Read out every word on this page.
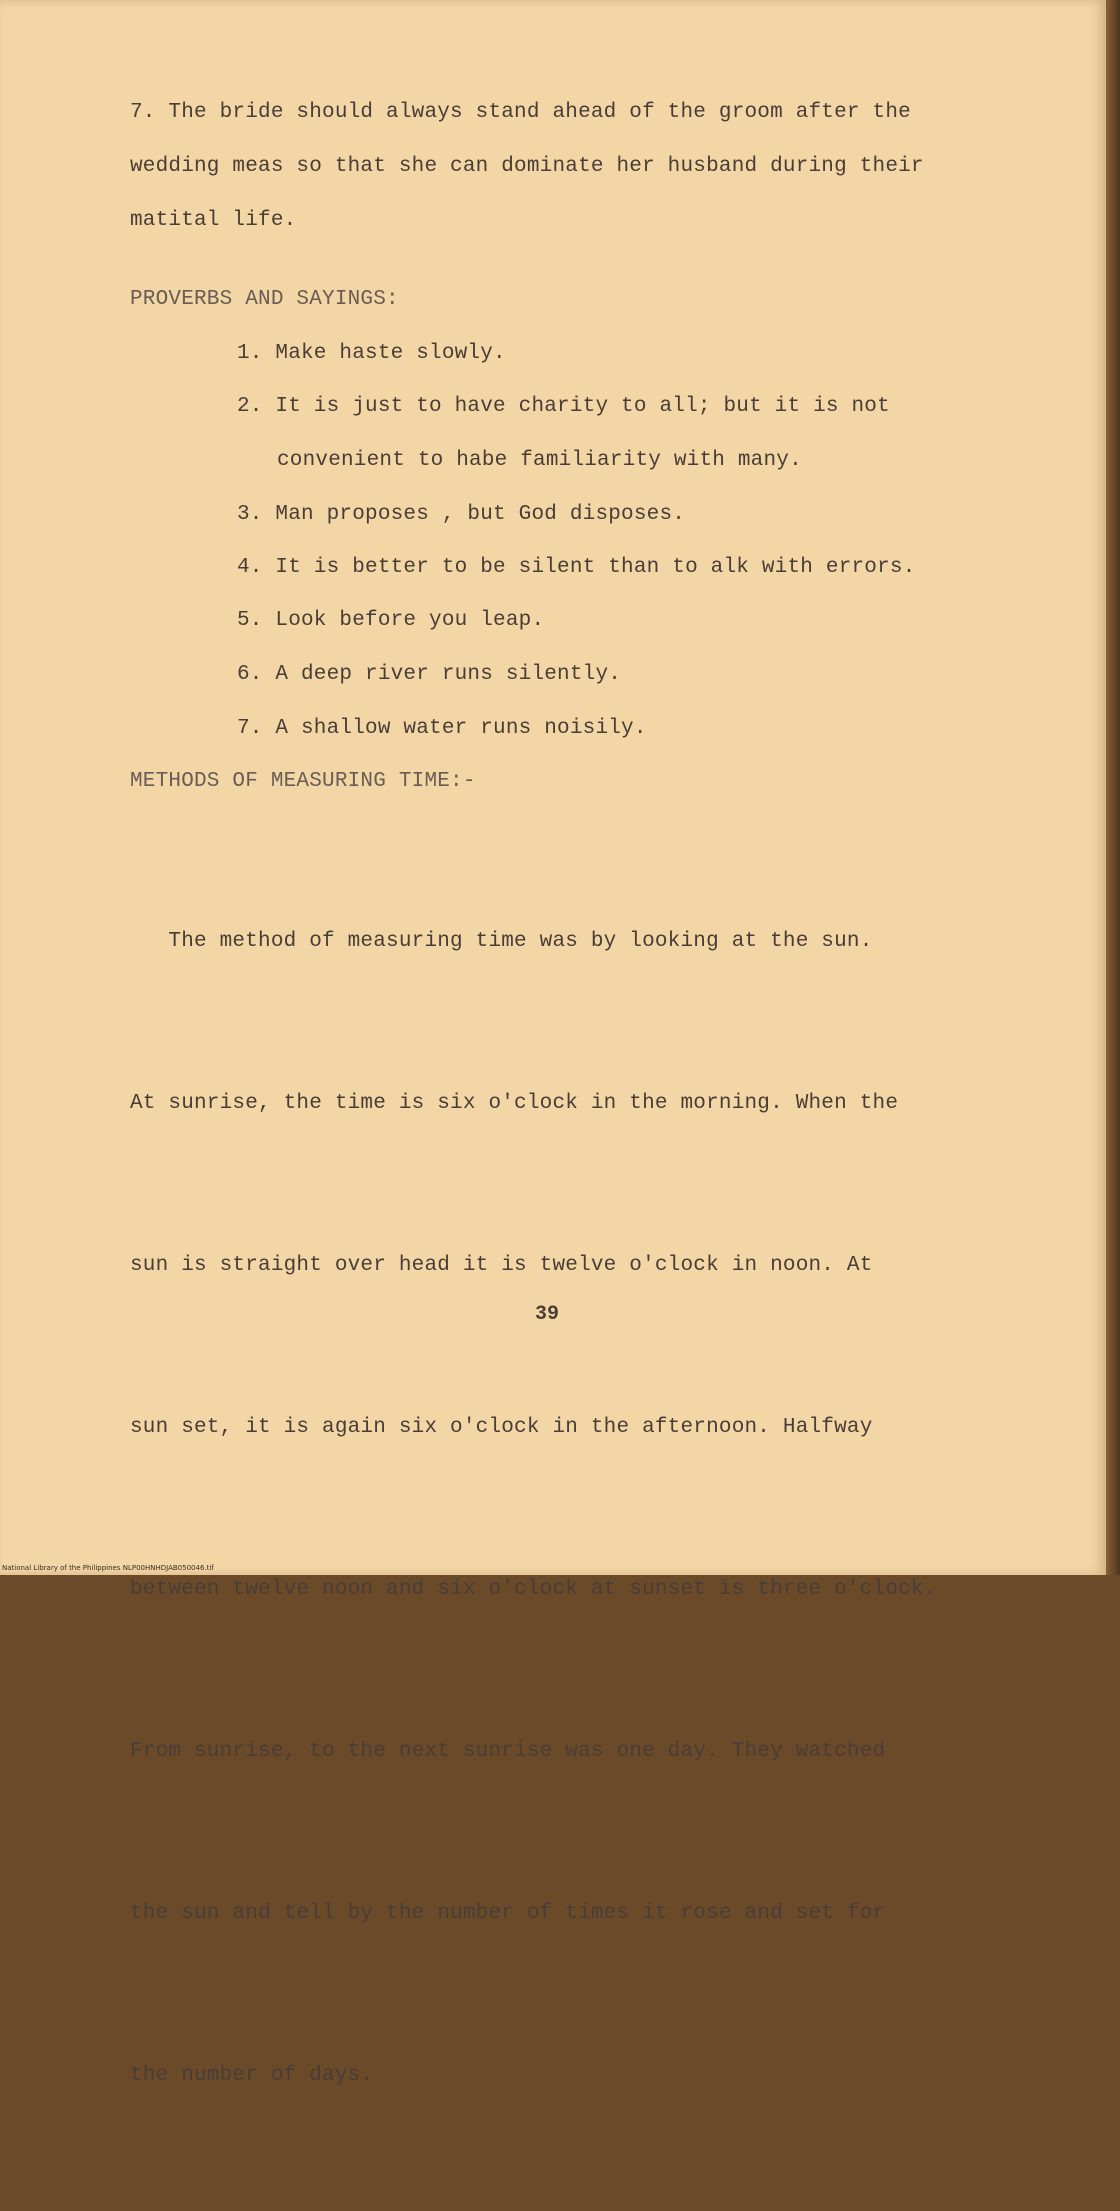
7. The bride should always stand ahead of the groom after the
wedding meas so that she can dominate her husband during their
matital life.
PROVERBS AND SAYINGS:
1. Make haste slowly.
2. It is just to have charity to all; but it is not
convenient to habe familiarity with many.
3. Man proposes , but God disposes.
4. It is better to be silent than to alk with errors.
5. Look before you leap.
6. A deep river runs silently.
7. A shallow water runs noisily.
METHODS OF MEASURING TIME:-

The method of measuring time was by looking at the sun.

At sunrise, the time is six o'clock in the morning. When the

sun is straight over head it is twelve o'clock in noon. At

sun set, it is again six o'clock in the afternoon. Halfway

between twelve noon and six o'clock at sunset is three o'clock.

From sunrise, to the next sunrise was one day. They watched

the sun and tell by the number of times it rose and set for

the number of days.

39
National Library of the Philippines NLP00HNHDJAB050046.tif
